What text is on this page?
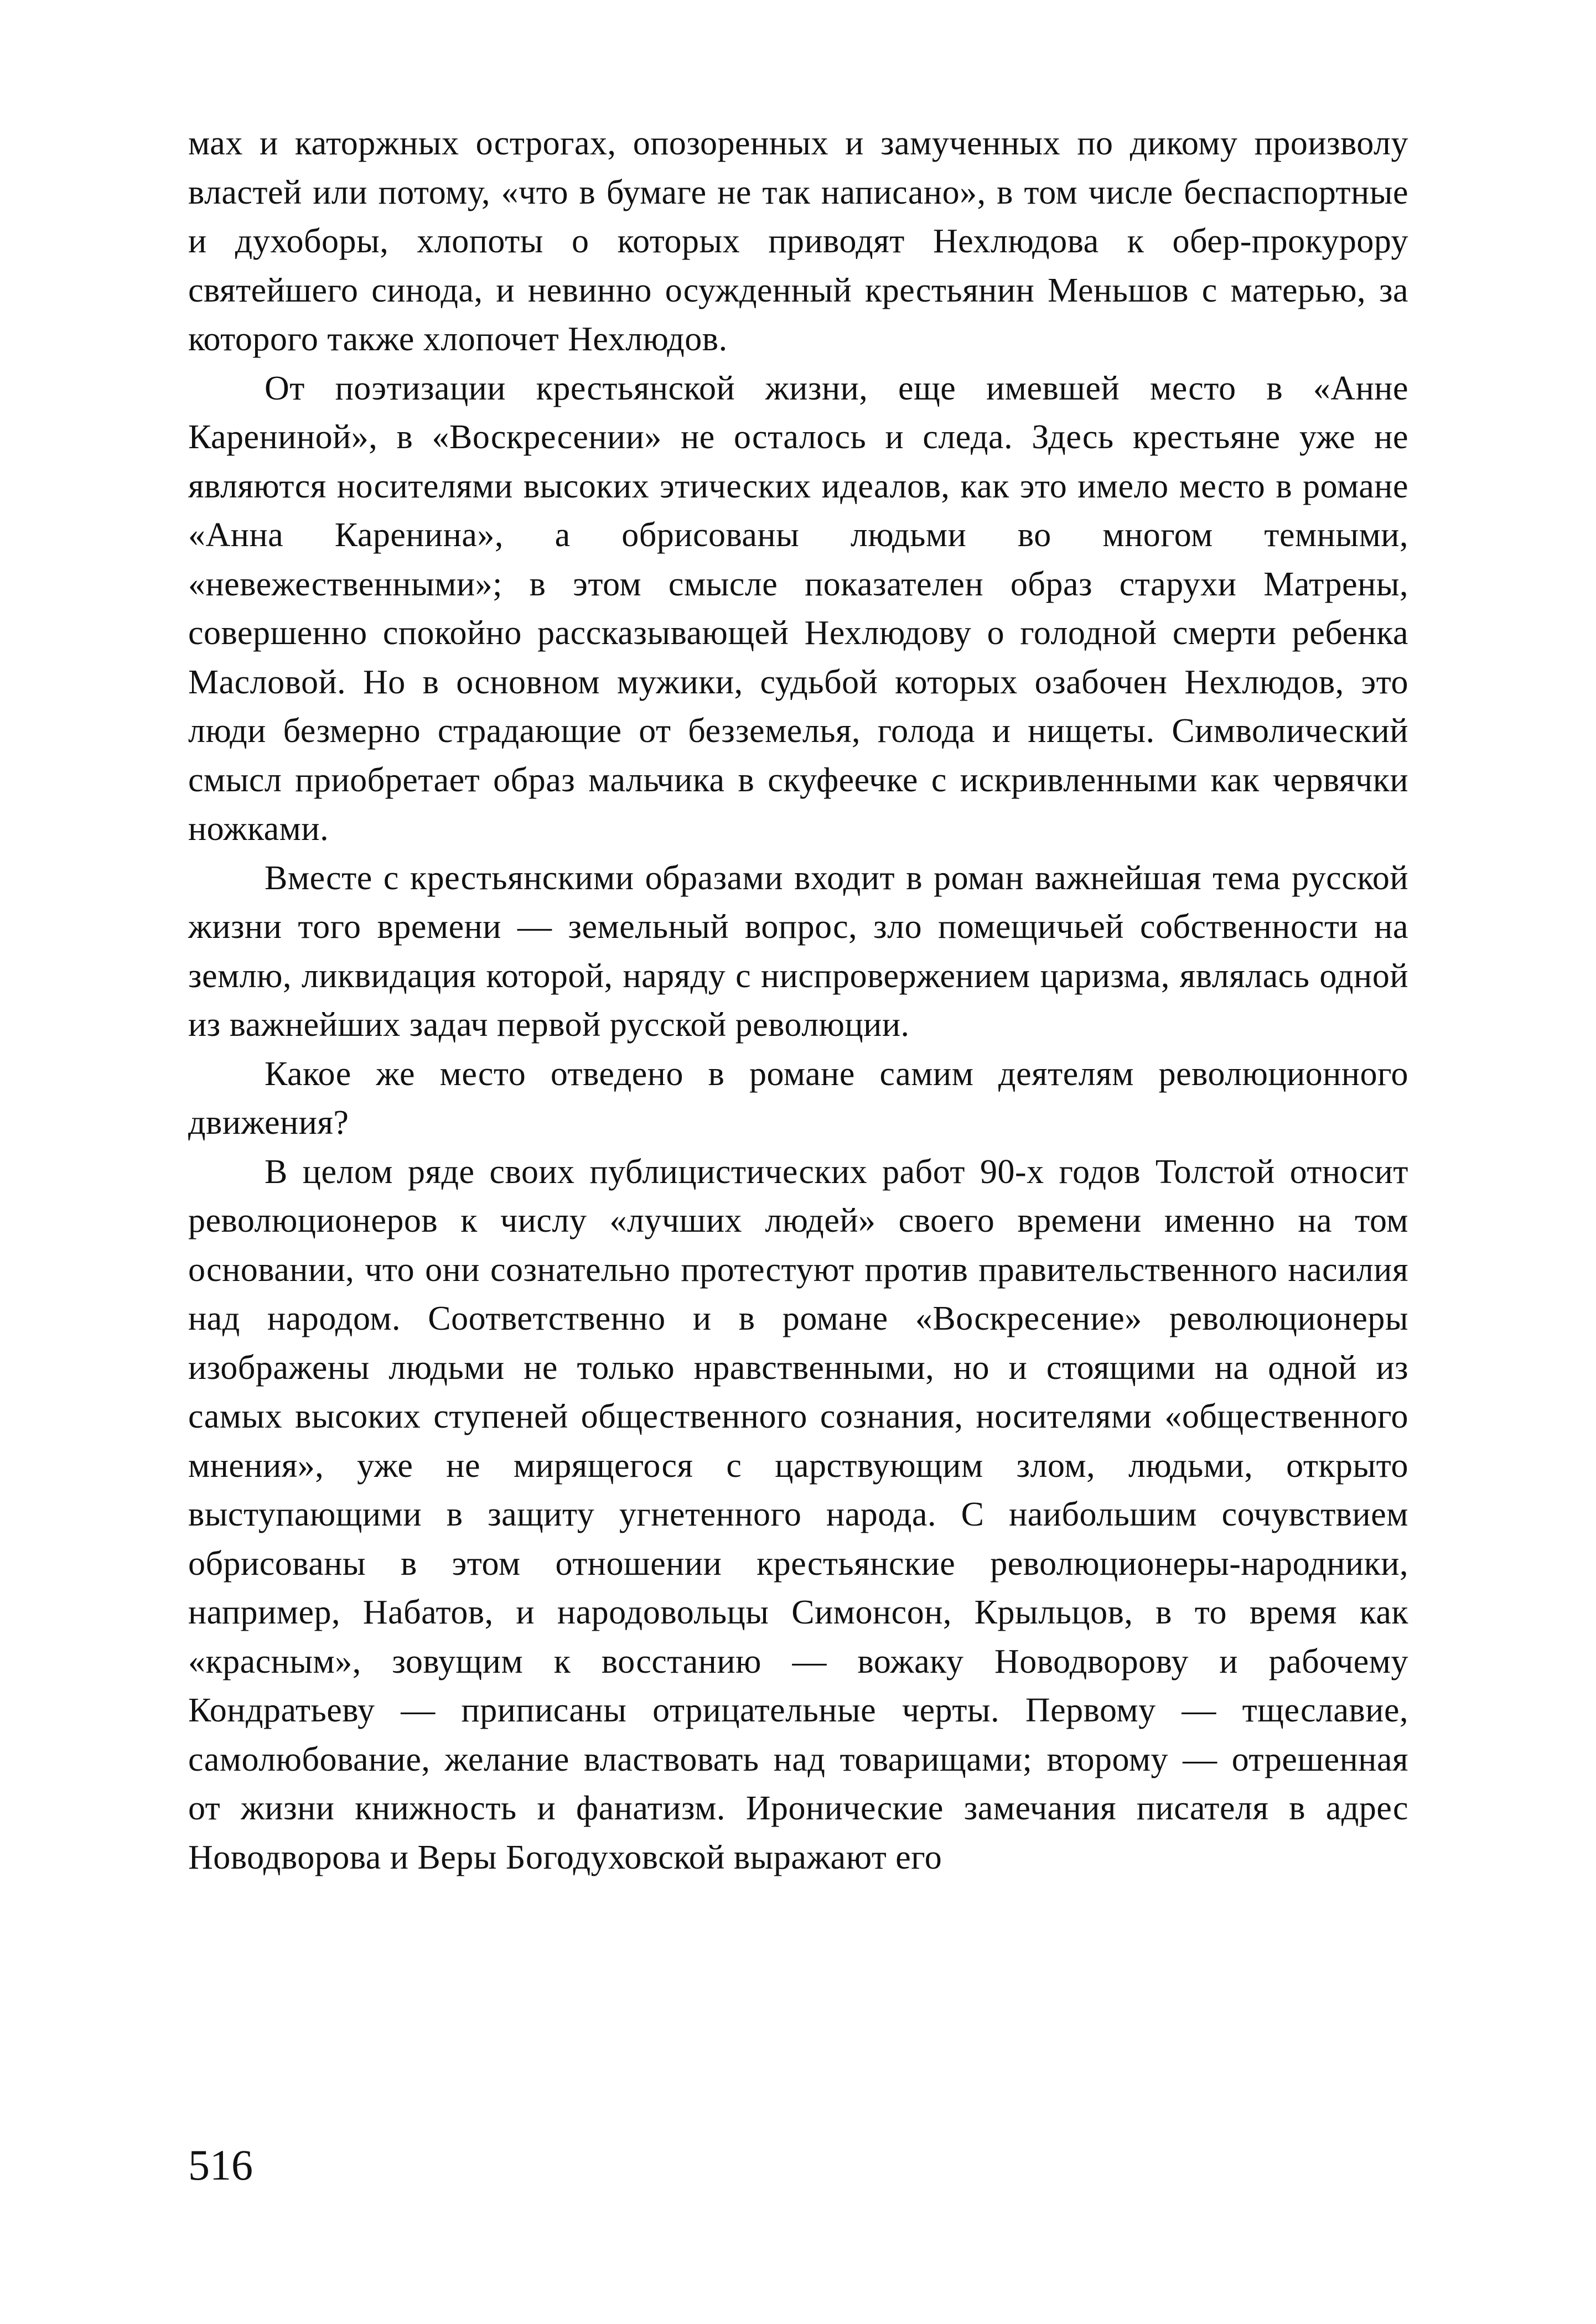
мах и каторжных острогах, опозоренных и замученных по дикому произволу властей или потому, «что в бумаге не так написано», в том числе беспаспортные и духоборы, хлопоты о которых приводят Нехлюдова к обер-прокурору святейшего синода, и невинно осужденный крестьянин Меньшов с матерью, за которого также хлопочет Нехлюдов.

От поэтизации крестьянской жизни, еще имевшей место в «Анне Карениной», в «Воскресении» не осталось и следа. Здесь крестьяне уже не являются носителями высоких этических идеалов, как это имело место в романе «Анна Каренина», а обрисованы людьми во многом темными, «невежественными»; в этом смысле показателен образ старухи Матрены, совершенно спокойно рассказывающей Нехлюдову о голодной смерти ребенка Масловой. Но в основном мужики, судьбой которых озабочен Нехлюдов, это люди безмерно страдающие от безземелья, голода и нищеты. Символический смысл приобретает образ мальчика в скуфеечке с искривленными как червячки ножками.

Вместе с крестьянскими образами входит в роман важнейшая тема русской жизни того времени — земельный вопрос, зло помещичьей собственности на землю, ликвидация которой, наряду с ниспровержением царизма, являлась одной из важнейших задач первой русской революции.

Какое же место отведено в романе самим деятелям революционного движения?

В целом ряде своих публицистических работ 90-х годов Толстой относит революционеров к числу «лучших людей» своего времени именно на том основании, что они сознательно протестуют против правительственного насилия над народом. Соответственно и в романе «Воскресение» революционеры изображены людьми не только нравственными, но и стоящими на одной из самых высоких ступеней общественного сознания, носителями «общественного мнения», уже не мирящегося с царствующим злом, людьми, открыто выступающими в защиту угнетенного народа. С наибольшим сочувствием обрисованы в этом отношении крестьянские революционеры-народники, например, Набатов, и народовольцы Симонсон, Крыльцов, в то время как «красным», зовущим к восстанию — вожаку Новодворову и рабочему Кондратьеву — приписаны отрицательные черты. Первому — тщеславие, самолюбование, желание властвовать над товарищами; второму — отрешенная от жизни книжность и фанатизм. Иронические замечания писателя в адрес Новодворова и Веры Богодуховской выражают его

516
